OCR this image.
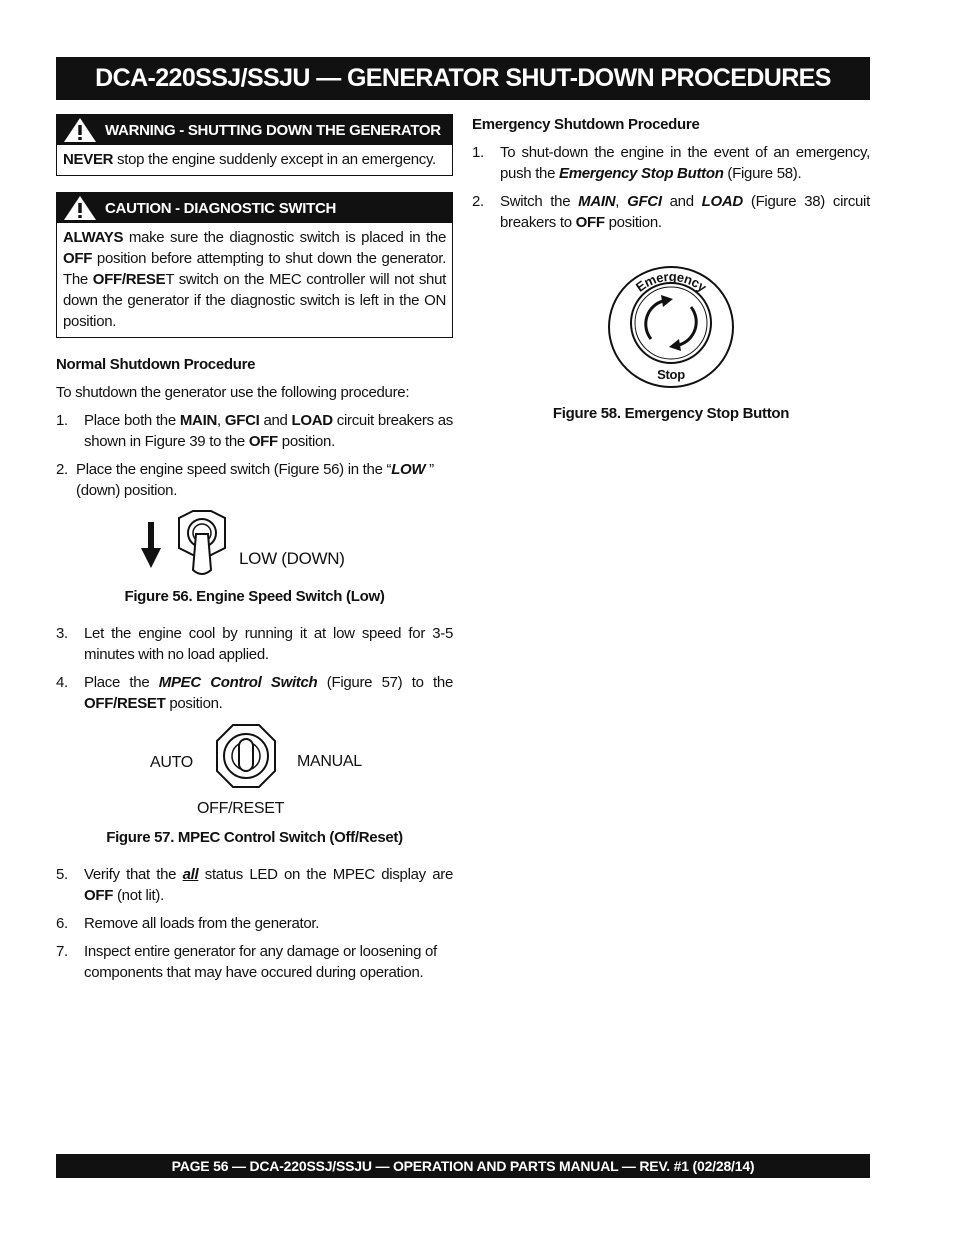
DCA-220SSJ/SSJU — GENERATOR SHUT-DOWN PROCEDURES
WARNING - SHUTTING DOWN THE GENERATOR
NEVER stop the engine suddenly except in an emergency.
CAUTION - DIAGNOSTIC SWITCH
ALWAYS make sure the diagnostic switch is placed in the OFF position before attempting to shut down the generator. The OFF/RESET switch on the MEC controller will not shut down the generator if the diagnostic switch is left in the ON position.
Normal Shutdown Procedure

To shutdown the generator use the following procedure:

1.	Place both the MAIN, GFCI and LOAD circuit breakers as shown in Figure 39 to the OFF position.
2. Place the engine speed switch (Figure 56) in the “LOW ” (down) position.
LOW (DOWN)
Figure 56. Engine Speed Switch (Low)
3.	Let the engine cool by running it at low speed for 3-5 minutes with no load applied.
4.	Place the MPEC Control Switch (Figure 57) to the OFF/RESET position.
AUTO	MANUAL
OFF/RESET
Figure 57. MPEC Control Switch (Off/Reset)
5.	Verify that the all status LED on the MPEC display are OFF (not lit).
6.	Remove all loads from the generator.
7.	Inspect entire generator for any damage or loosening of components that may have occured during operation.
Emergency Shutdown Procedure
1.	To shut-down the engine in the event of an emergency, push the Emergency Stop Button (Figure 58).
2.	Switch the MAIN, GFCI and LOAD (Figure 38) circuit breakers to OFF position.
Emergency
Stop
Figure 58. Emergency Stop Button
PAGE 56 — DCA-220SSJ/SSJU — OPERATION AND PARTS MANUAL — REV. #1 (02/28/14)
